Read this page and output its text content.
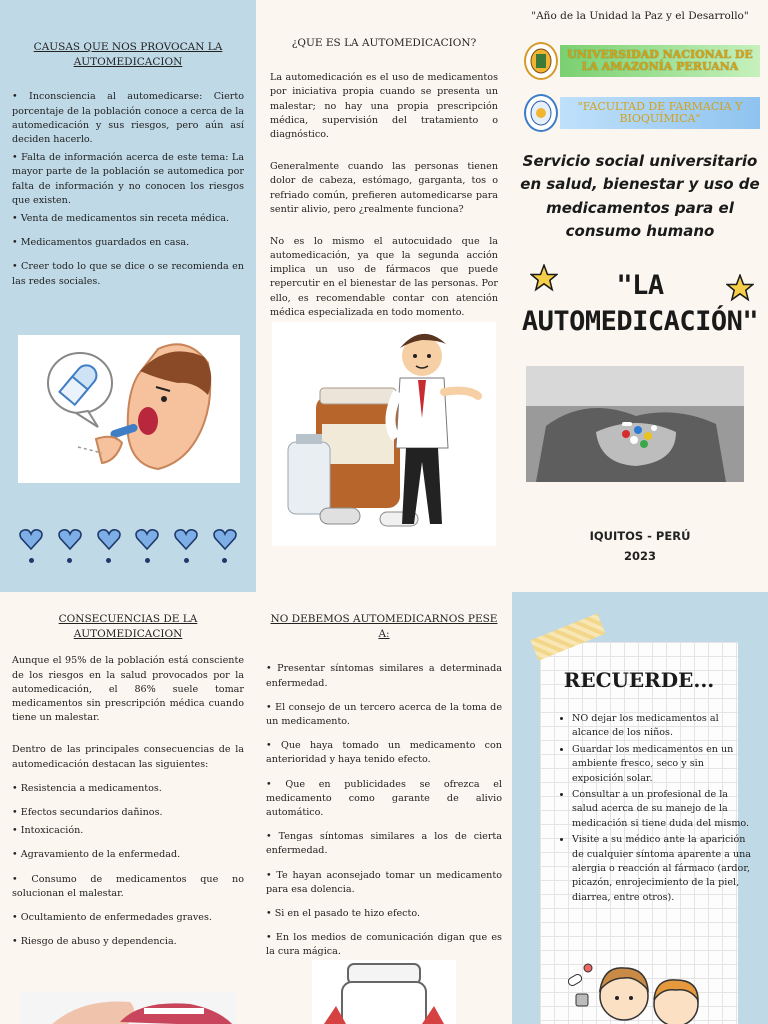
CAUSAS QUE NOS PROVOCAN LA AUTOMEDICACION

• Inconsciencia al automedicarse: Cierto porcentaje de la población conoce a cerca de la automedicación y sus riesgos, pero aún así deciden hacerlo.

• Falta de información acerca de este tema: La mayor parte de la población se automedica por falta de información y no conocen los riesgos que existen.

• Venta de medicamentos sin receta médica.

• Medicamentos guardados en casa.

• Creer todo lo que se dice o se recomienda en las redes sociales.

¿QUE ES LA AUTOMEDICACION?

La automedicación es el uso de medicamentos por iniciativa propia cuando se presenta un malestar; no hay una propia prescripción médica, supervisión del tratamiento o diagnóstico.

Generalmente cuando las personas tienen dolor de cabeza, estómago, garganta, tos o refriado común, prefieren automedicarse para sentir alivio, pero ¿realmente funciona?

No es lo mismo el autocuidado que la automedicación, ya que la segunda acción implica un uso de fármacos que puede repercutir en el bienestar de las personas. Por ello, es recomendable contar con atención médica especializada en todo momento.

"Año de la Unidad la Paz y el Desarrollo"
UNIVERSIDAD NACIONAL DE LA AMAZONÍA PERUANA
"FACULTAD DE FARMACIA Y BIOQUÍMICA"
Servicio social universitario en salud, bienestar y uso de medicamentos para el consumo humano
"LA
AUTOMEDICACIÓN"
IQUITOS - PERÚ
2023
CONSECUENCIAS DE LA AUTOMEDICACION

Aunque el 95% de la población está consciente de los riesgos en la salud provocados por la automedicación, el 86% suele tomar medicamentos sin prescripción médica cuando tiene un malestar.

Dentro de las principales consecuencias de la automedicación destacan las siguientes:

• Resistencia a medicamentos.

• Efectos secundarios dañinos.

• Intoxicación.

• Agravamiento de la enfermedad.

• Consumo de medicamentos que no solucionan el malestar.

• Ocultamiento de enfermedades graves.

• Riesgo de abuso y dependencia.

NO DEBEMOS AUTOMEDICARNOS PESE A:

• Presentar síntomas similares a determinada enfermedad.

• El consejo de un tercero acerca de la toma de un medicamento.

• Que haya tomado un medicamento con anterioridad y haya tenido efecto.

• Que en publicidades se ofrezca el medicamento como garante de alivio automático.

• Tengas síntomas similares a los de cierta enfermedad.

• Te hayan aconsejado tomar un medicamento para esa dolencia.

• Si en el pasado te hizo efecto.

• En los medios de comunicación digan que es la cura mágica.

RECUERDE...
• NO dejar los medicamentos al alcance de los niños.
• Guardar los medicamentos en un ambiente fresco, seco y sin exposición solar.
• Consultar a un profesional de la salud acerca de su manejo de la medicación si tiene duda del mismo.
• Visite a su médico ante la aparición de cualquier síntoma aparente a una alergia o reacción al fármaco (ardor, picazón, enrojecimiento de la piel, diarrea, entre otros).
